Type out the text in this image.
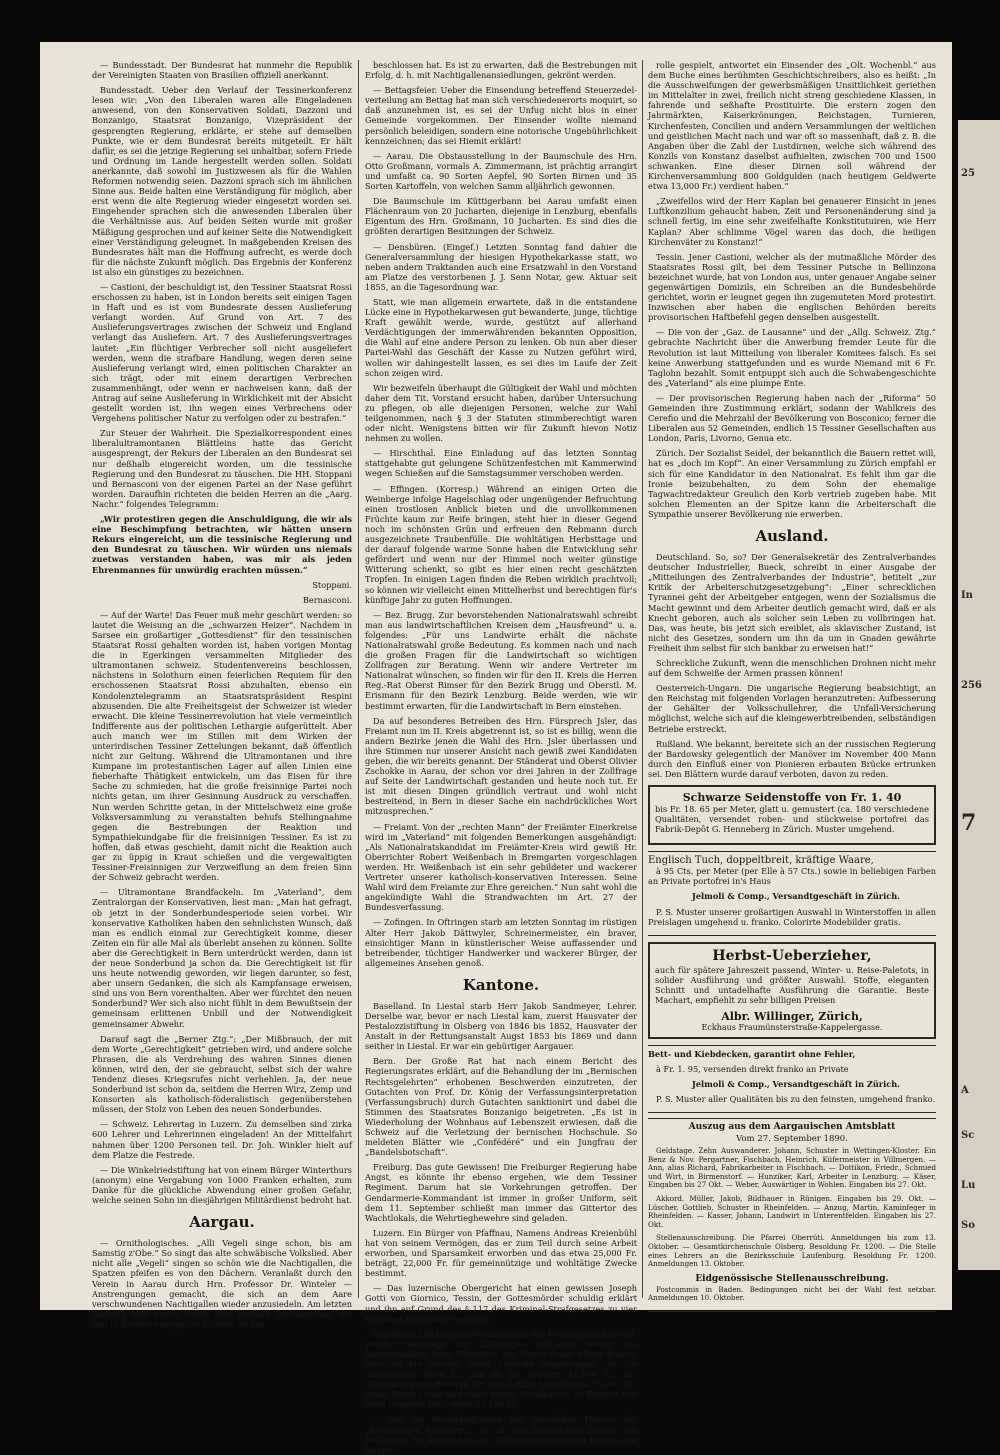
— Bundesstadt. Der Bundesrat hat nunmehr die Republik der Vereinigten Staaten von Brasilien offiziell anerkannt.

Bundesstadt. Ueber den Verlauf der Tessinerkonferenz lesen wir: „Von den Liberalen waren alle Eingeladenen anwesend, von den Konservativen Soldati, Dazzoni und Bonzanigo, Staatsrat Bonzanigo, Vizepräsident der gesprengten Regierung, erklärte, er stehe auf demselben Punkte, wie er dem Bundesrat bereits mitgeteilt. Er hält dafür, es sei die jetzige Regierung sei unhaltbar, sofern Friede und Ordnung im Lande hergestellt werden sollen. Soldati anerkannte, daß sowohl im Justizwesen als für die Wahlen Reformen notwendig seien. Dazzoni sprach sich im ähnlichen Sinne aus. Beide halten eine Verständigung für möglich, aber erst wenn die alte Regierung wieder eingesetzt worden sei. Eingehender sprachen sich die anwesenden Liberalen über die Verhältnisse aus. Auf beiden Seiten wurde mit großer Mäßigung gesprochen und auf keiner Seite die Notwendigkeit einer Verständigung geleugnet. In maßgebenden Kreisen des Bundesrates hält man die Hoffnung aufrecht, es werde doch für die nächste Zukunft möglich. Das Ergebnis der Konferenz ist also ein günstiges zu bezeichnen.

— Castioni, der beschuldigt ist, den Tessiner Staatsrat Rossi erschossen zu haben, ist in London bereits seit einigen Tagen in Haft und es ist vom Bundesrate dessen Auslieferung verlangt worden. Auf Grund von Art. 7 des Auslieferungsvertrages zwischen der Schweiz und England verlangt das Ausliefern. Art. 7 des Auslieferungsvertrages lautet: „Ein flüchtiger Verbrecher soll nicht ausgeliefert werden, wenn die strafbare Handlung, wegen deren seine Auslieferung verlangt wird, einen politischen Charakter an sich trägt, oder mit einem derartigen Verbrechen zusammenhängt, oder wenn er nachweisen kann, daß der Antrag auf seine Auslieferung in Wirklichkeit mit der Absicht gestellt worden ist, ihn wegen eines Verbrechens oder Vergehens politischer Natur zu verfolgen oder zu bestrafen.“

Zur Steuer der Wahrheit. Die Spezialkorrespondent eines liberalultramontanen Blättleins hatte das Gericht ausgesprengt, der Rekurs der Liberalen an den Bundesrat sei nur deßhalb eingereicht worden, um die tessinische Regierung und den Bundesrat zu täuschen. Die HH. Stoppani und Bernasconi von der eigenen Partei an der Nase geführt worden. Daraufhin richteten die beiden Herren an die „Aarg. Nachr.“ folgendes Telegramm:

„Wir protestiren gegen die Anschuldigung, die wir als eine Beschimpfung betrachten, wir hätten unsern Rekurs eingereicht, um die tessinische Regierung und den Bundesrat zu täuschen. Wir würden uns niemals zuetwas verstanden haben, was mir als jeden Ehrenmannes für unwürdig erachten müssen.“

Stoppani.

Bernasconi.

— Auf der Warte! Das Feuer muß mehr geschürt werden: so lautet die Weisung an die „schwarzen Heizer“. Nachdem in Sarsee ein großartiger „Gottesdienst“ für den tessinischen Staatsrat Rossi gehalten worden ist, haben vorigen Montag die in Egerkingen versammelten Mitglieder des ultramontanen schweiz. Studentenvereins beschlossen, nächstens in Solothurn einen feierlichen Requiem für den erschossenen Staatsrat Rossi abzuhalten, ebenso ein Kondolenztelegramm an Staatsratspräsident Respini abzusenden. Die alte Freiheitsgeist der Schweizer ist wieder erwacht. Die kleine Tessinerrevolution hat viele vermeintlich Indifferente aus der politischen Lethargie aufgerüttelt. Aber auch manch wer im Stillen mit dem Wirken der unterirdischen Tessiner Zettelungen bekannt, daß öffentlich nicht zur Geltung. Während die Ultramontanen und ihre Kumpane im protestantischen Lager auf allen Linien eine fieberhafte Thätigkeit entwickeln, um das Eisen für ihre Sache zu schmieden, hat die große freisinnige Partei noch nichts getan, um ihrer Gesinnung Ausdruck zu verschaffen. Nun werden Schritte getan, in der Mittelschweiz eine große Volksversammlung zu veranstalten behufs Stellungnahme gegen die Bestrebungen der Reaktion und Sympathiekundgabe für die freisinnigen Tessiner. Es ist zu hoffen, daß etwas geschieht, damit nicht die Reaktion auch gar zu üppig in Kraut schießen und die vergewaltigten Tessiner-Freisinnigen zur Verzweiflung an dem freien Sinn der Schweiz gebracht werden.

— Ultramontane Brandfackeln. Im „Vaterland“, dem Zentralorgan der Konservativen, liest man: „Man hat gefragt, ob jetzt in der Sonderbundesperiode seien vorbei. Wir konservative Katholiken haben den sehnlichsten Wunsch, daß man es endlich einmal zur Gerechtigkeit komme, dieser Zeiten ein für alle Mal als überlebt ansehen zu können. Sollte aber die Gerechtigkeit in Bern unterdrückt werden, dann ist der neue Sonderbund ja schon da. Die Gerechtigkeit ist für uns heute notwendig geworden, wir liegen darunter, so fest, aber unsern Gedanken, die sich als Kampfansage erweisen, sind uns von Bern vorenthalten. Aber wer fürchtet den neuen Sonderbund? Wer sich also nicht fühlt in dem Bewußtsein der gemeinsam erlittenen Unbill und der Notwendigkeit gemeinsamer Abwehr.

Darauf sagt die „Berner Ztg.“: „Der Mißbrauch, der mit dem Worte „Gerechtigkeit“ getrieben wird, und andere solche Phrasen, die als Verdrehung des wahren Sinnes dienen können, wird den, der sie gebraucht, selbst sich der wahre Tendenz dieses Kriegsrufes nicht verhehlen. Ja, der neue Sonderbund ist schon da, seitdem die Herren Wirz, Zemp und Konsorten als katholisch-föderalistisch gegenüberstehen müssen, der Stolz von Leben des neuen Sonderbundes.

— Schweiz. Lehrertag in Luzern. Zu demselben sind zirka 600 Lehrer und Lehrerinnen eingeladen! An der Mittelfahrt nahmen über 1200 Personen teil. Dr. Joh. Winkler hielt auf dem Platze die Festrede.

— Die Winkelriedstiftung hat von einem Bürger Winterthurs (anonym) eine Vergabung von 1000 Franken erhalten, zum Danke für die glückliche Abwendung einer großen Gefahr, welche seinen Sohn im diesjährigen Militärdienst bedroht hat.

Aargau.

— Ornithologisches. „Alli Vegeli singe schon, bis am Samstig z'Obe.“ So singt das alte schwäbische Volkslied. Aber nicht alle „Vegeli“ singen so schön wie die Nachtigallen, die Spatzen pfeifen es von den Dächern. Veranlaßt durch den Verein in Aarau durch Hrn. Professor Dr. Winteler — Anstrengungen gemacht, die sich an dem Aare verschwundenen Nachtigallen wieder anzusiedeln. Am letzten Sonntag hielt dieser Verein eine kleinere Versammlung, die nun in Sachen energische Schritte zu tun

beschlossen hat. Es ist zu erwarten, daß die Bestrebungen mit Erfolg, d. h. mit Nachtigallenansiedlungen, gekrönt werden.

— Bettagsfeier. Ueber die Einsendung betreffend Steuerzedel-verteilung am Bettag hat man sich verschiedenerorts moquirt, so daß anzunehmen ist, es sei der Unfug nicht blos in einer Gemeinde vorgekommen. Der Einsender wollte niemand persönlich beleidigen, sondern eine notorische Ungebührlichkeit kennzeichnen; das sei Hiemit erklärt!

— Aarau. Die Obstausstellung in der Baumschule des Hrn. Otto Großmann, vormals A. Zimmermann, ist prächtig arrangirt und umfaßt ca. 90 Sorten Aepfel, 90 Sorten Birnen und 35 Sorten Kartoffeln, von welchen Samm alljährlich gewonnen.

Die Baumschule im Küttigerbann bei Aarau umfaßt einen Flächenraum von 20 Jucharten, diejenige in Lenzburg, ebenfalls Eigentum des Hrn. Großmann, 10 Jucharten. Es sind dies die größten derartigen Besitzungen der Schweiz.

— Densbüren. (Eingef.) Letzten Sonntag fand dahier die Generalversammlung der hiesigen Hypothekarkasse statt, wo neben andern Traktanden auch eine Ersatzwahl in den Vorstand am Platze des verstorbenen J. J. Senn Notar, gew. Aktuar seit 1855, an die Tagesordnung war.

Statt, wie man allgemein erwartete, daß in die entstandene Lücke eine in Hypothekarwesen gut bewanderte, junge, tüchtige Kraft gewählt werde, wurde, gestützt auf allerhand Verdächtigungen der immerwährenden bekannten Opposition, die Wahl auf eine andere Person zu lenken. Ob nun aber dieser Partei-Wahl das Geschäft der Kasse zu Nutzen geführt wird, wollen wir dahingestellt lassen, es sei dies im Laufe der Zeit schon zeigen wird.

Wir bezweifeln überhaupt die Gültigkeit der Wahl und möchten daher dem Tit. Vorstand ersucht haben, darüber Untersuchung zu pflegen, ob alle diejenigen Personen, welche zur Wahl teilgenommen, nach § 3 der Statuten stimmberechtigt waren oder nicht. Wenigstens bitten wir für Zukunft hievon Notiz nehmen zu wollen.

— Hirschthal. Eine Einladung auf das letzten Sonntag stattgehabte gut gelungene Schützenfestchen mit Kammerwind wegen Schießen auf die Samstagsummer verschoben werden.

— Effingen. (Korresp.) Während an einigen Orten die Weinberge infolge Hagelschlag oder ungenügender Befruchtung einen trostlosen Anblick bieten und die unvollkommenen Früchte kaum zur Reife bringen, steht hier in dieser Gegend noch im schönsten Grün und erfreuen den Rebmann durch ausgezeichnete Traubenfülle. Die wohltätigen Herbsttage und der darauf folgende warme Sonne haben die Entwicklung sehr gefördert und wenn nur der Himmel noch weiter günstige Witterung schenkt, so gibt es hier einen recht geschätzten Tropfen. In einigen Lagen finden die Reben wirklich prachtvoll; so können wir vielleicht einen Mittelherbst und berechtigen für's künftige Jahr zu guten Hoffnungen.

— Bez. Brugg. Zur bevorstehenden Nationalratswahl schreibt man aus landwirtschaftlichen Kreisen dem „Hausfreund“ u. a. folgendes: „Für uns Landwirte erhält die nächste Nationalratswahl große Bedeutung. Es kommen nach und nach die großen Fragen für die Landwirtschaft so wichtigen Zollfragen zur Beratung. Wenn wir andere Vertreter im Nationalrat wünschen, so finden wir für den II. Kreis die Herren Reg.-Rat Oberst Rimser für den Bezirk Brugg und Oberstl. M. Erismann für den Bezirk Lenzburg. Beide werden, wie wir bestimmt erwarten, für die Landwirtschaft in Bern einstehen.

Da auf besonderes Betreiben des Hrn. Fürsprech Jsler, das Freiamt nun im II. Kreis abgetrennt ist, so ist es billig, wenn die andern Bezirke jenen die Wahl des Hrn. Jsler überlassen und ihre Stimmen nur unserer Ansicht nach gewiß zwei Kandidaten geben, die wir bereits genannt. Der Ständerat und Oberst Olivier Zschokke in Aarau, der schon vor drei Jahren in der Zollfrage auf Seite der Landwirtschaft gestanden und heute noch tut. Er ist mit diesen Dingen gründlich vertraut und wohl nicht bestreitend, in Bern in dieser Sache ein nachdrückliches Wort mitzusprechen.“

— Freiamt. Von der „rechten Mann“ der Freiämter Einerkreise wird im „Vaterland“ mit folgenden Bemerkungen ausgehändigt: „Als Nationalratskandidat im Freiämter-Kreis wird gewiß Hr. Oberrichter Robert Weißenbach in Bremgarten vorgeschlagen werden. Hr. Weißenbach ist ein sehr gebildeter und wackerer Vertreter unserer katholisch-konservativen Interessen. Seine Wahl wird dem Freiamte zur Ehre gereichen.“ Nun saht wohl die angekündigte Wahl die Strandwachten im Art. 27 der Bundesverfassung.

— Zofingen. In Oftringen starb am letzten Sonntag im rüstigen Alter Herr Jakob Dättwyler, Schreinermeister, ein braver, einsichtiger Mann in künstlerischer Weise auffassender und betreibender, tüchtiger Handwerker und wackerer Bürger, der allgemeines Ansehen genoß.

Kantone.

Baselland. In Liestal starb Herr Jakob Sandmeyer, Lehrer. Derselbe war, bevor er nach Liestal kam, zuerst Hausvater der Pestalozzistiftung in Olsberg von 1846 bis 1852, Hausvater der Anstalt in der Rettungsanstalt Augst 1853 bis 1869 und dann seither in Liestal. Er war ein gebürtiger Aargauer.

Bern. Der Große Rat hat nach einem Bericht des Regierungsrates erklärt, auf die Behandlung der im „Bernischen Rechtsgelehrten“ erhobenen Beschwerden einzutreten, der Gutachten von Prof. Dr. König der Verfassungsinterpretation (Verfassungsbruch) durch Gutachten sanktionirt und dabei die Stimmen des Staatsrates Bonzanigo beigetreten. „Es ist in Wiederholung der Wohnhaus auf Lebenszeit erwiesen, daß die Schweiz auf die Verletzung der bernischen Hochschule. So meldeten Blätter wie „Confédéré“ und ein Jungfrau der „Bandelsbotschaft“.

Freiburg. Das gute Gewissen! Die Freiburger Regierung habe Angst, es könnte ihr ebenso ergehen, wie dem Tessiner Regiment. Darum hat sie Vorkehrungen getroffen. Der Gendarmerie-Kommandant ist immer in großer Uniform, seit dem 11. September schließt man immer das Gittertor des Wachtlokals, die Wehrtieghewehre sind geladen.

Luzern. Ein Bürger von Pfaffnau, Namens Andreas Kreienbühl hat von seinem Vermögen, das er zum Teil durch seine Arbeit erworben, und Sparsamkeit erworben und das etwa 25,000 Fr. beträgt, 22,000 Fr. für gemeinnützige und wohltätige Zwecke bestimmt.

— Das luzernische Obergericht hat einen gewissen Joseph Gotti von Giornico, Tessin, der Gottesmörder schuldig erklärt und ihn auf Grund des § 117 des Kriminal-Strafgesetzes zu vier Monaten Zuchthaus verurteilt.

Solothurn. Die General-Versammlung der Papierfabrik Biberist, welche Samstags ihr 25jähriges Jubiläum, sowie das Dienstjubiläum ihres Direktors, des Herrn Oskar Miller feierte, beschloß bei diesem Anlaß folgende Vergabungen: An die Angestellten 8000 Fr. und an die Arbeiter 31,100 Fr., zur Gründung einer Reserve für Unfall-Entschädigungen 10,000 Fr., einen Beitrag zum Bau einer neuen Schulhauses in Biberist von 5000 Franken, total somit 54,100 Fr.

— Auf die Verdächtigungen der geistlichen Herren des „Solothurner Anzeigers“, als ob die liederlichen Dirnen von Bellinzona bis Mailand an der Volksversammlung in Lugano die Haupt-

rolle gespielt, antwortet ein Einsender des „Olt. Wochenbl.“ aus dem Buche eines berühmten Geschichtschreibers, also es heißt: „In die Ausschweifungen der gewerbsmäßigen Unsittlichkeit geriethen im Mittelalter in zwei, freilich nicht streng geschiedene Klassen, in fahrende und seßhafte Prostituirte. Die erstern zogen den Jahrmärkten, Kaiserkrönungen, Reichstagen, Turnieren, Kirchenfesten, Concilien und andern Versammlungen der weltlichen und geistlichen Macht nach und war oft so massenhaft, daß z. B. die Angaben über die Zahl der Lustdirnen, welche sich während des Konzils von Konstanz daselbst aufhielten, zwischen 700 und 1500 schwanken. Eine dieser Dirnen soll während der Kirchenversammlung 800 Goldgulden (nach heutigem Geldwerte etwa 13,000 Fr.) verdient haben.“

„Zweifellos wird der Herr Kaplan bei genauerer Einsicht in jenes Luftkonzilium gehaucht haben, Zeit und Personenänderung sind ja schnell fertig, im eine sehr zweifelhafte Konkstitutuiren, wie Herr Kaplan? Aber schlimme Vögel waren das doch, die heiligen Kirchenväter zu Konstanz!“

Tessin. Jener Castioni, welcher als der mutmaßliche Mörder des Staatsrates Rossi gilt, bei dem Tessiner Putsche in Bellinzona bezeichnet wurde, hat von London aus, unter genauer Angabe seiner gegenwärtigen Domizils, ein Schreiben an die Bundesbehörde gerichtet, worin er leugnet gegen ihn zugemuteten Mord protestirt. Inzwischen aber haben die englischen Behörden bereits provisorischen Haftbefehl gegen denselben ausgestellt.

— Die von der „Gaz. de Lausanne“ und der „Allg. Schweiz. Ztg.“ gebrachte Nachricht über die Anwerbung fremder Leute für die Revolution ist laut Mitteilung von liberaler Komitees falsch. Es sei keine Anwerbung stattgefunden und es wurde Niemand mit 6 Fr. Taglohn bezahlt. Somit entpuppt sich auch die Schwabengeschichte des „Vaterland“ als eine plumpe Ente.

— Der provisorischen Regierung haben nach der „Riforma“ 50 Gemeinden ihre Zustimmung erklärt, sodann der Wahlkreis des Cerefio und die Mehrzahl der Bevölkerung von Bosconico; ferner die Liberalen aus 52 Gemeinden, endlich 15 Tessiner Gesellschaften aus London, Paris, Livorno, Genua etc.

Zürich. Der Sozialist Seidel, der bekanntlich die Bauern rettet will, hat es „doch im Kopf“. An einer Versammlung zu Zürich empfahl er sich für eine Kandidatur in den Nationalrat. Es fehlt ihm gar die Ironie beizubehalten, zu dem Sohn der ehemalige Tagwachtredakteur Greulich den Korb vertrieb zugeben habe. Mit solchen Elementen an der Spitze kann die Arbeiterschaft die Sympathie unserer Bevölkerung nie erwerben.

Ausland.

Deutschland. So, so? Der Generalsekretär des Zentralverbandes deutscher Industrieller, Bueck, schreibt in einer Ausgabe der „Mitteilungen des Zentralverbandes der Industrie“, betitelt „zur Kritik der Arbeiterschutzgesetzgebung“: „Einer schrecklichen Tyrannei geht der Arbeitgeber entgegen, wenn der Sozialismus die Macht gewinnt und dem Arbeiter deutlich gemacht wird, daß er als Knecht geboren, auch als solcher sein Leben zu vollbringen hat. Das, was heute, bis jetzt sich ereiblet, als sklavischer Zustand, ist nicht des Gesetzes, sondern um ihn da um in Gnaden gewährte Freiheit ihm selbst für sich bankbar zu erweisen hat!“

Schreckliche Zukunft, wenn die menschlichen Drohnen nicht mehr auf dem Schweiße der Armen prassen können!

Oesterreich-Ungarn. Die ungarische Regierung beabsichtigt, an den Reichstag mit folgenden Vorlagen heranzutreten: Aufbesserung der Gehälter der Volksschullehrer, die Unfall-Versicherung möglichst, welche sich auf die kleingewerbtreibenden, selbständigen Betriebe erstreckt.

Rußland. Wie bekannt, bereitete sich an der russischen Regierung der Bardowsky gelegentlich der Manöver im November 400 Mann durch den Einfluß einer von Pionieren erbauten Brücke ertrunken sei. Den Blättern wurde darauf verboten, davon zu reden.

Schwarze Seidenstoffe von Fr. 1. 40

bis Fr. 18. 65 per Meter, glatt u. gemustert (ca. 180 verschiedene Qualitäten, versendet roben- und stückweise portofrei das Fabrik-Depôt G. Henneberg in Zürich. Muster umgehend.

Englisch Tuch, doppeltbreit, kräftige Waare,

à 95 Cts. per Meter (per Elle à 57 Cts.) sowie in beliebigen Farben an Private portofrei in's Haus

Jelmoli & Comp., Versandtgeschäft in Zürich.

P. S. Muster unserer großartigen Auswahl in Winterstoffen in allen Preislagen umgehend u. franko. Colorirte Modebilder gratis.

Herbst-Ueberzieher,

auch für spätere Jahreszeit passend, Winter- u. Reise-Paletots, in solider Ausführung und größter Auswahl. Stoffe, eleganten Schnitt und untadelhafte Ausführung die Garantie. Beste Machart, empfiehlt zu sehr billigen Preisen

Albr. Willinger, Zürich,
Eckhaus Fraumünsterstraße-Kappelergasse.

Bett- und Kiebdecken, garantirt ohne Fehler,

à Fr. 1. 95, versenden direkt franko an Private

Jelmoli & Comp., Versandtgeschäft in Zürich.

P. S. Muster aller Qualitäten bis zu den feinsten, umgehend franko.

Auszug aus dem Aargauischen Amtsblatt
Vom 27. September 1890.

Geldstage. Zehn Auswanderer. Johann, Schuster in Wettingen-Kloster. Ein Benz & Nov. Pergartner, Fischbach, Heinrich, Küfermeister in Villmergen. — Ann, alias Richard, Fabrikarbeiter in Fischbach. — Dottikon, Friedr., Schmied und Wirt, in Birmenstorf. — Hunziker, Karl, Arbeiter in Lenzburg. — Käser, Eingaben bis 27 Okt. — Weber, Auswärtiger in Wohlen. Eingaben bis 27. Okt.

Akkord. Müller, Jakob, Bildhauer in Rünigen. Eingaben bis 29. Okt. — Lüscher, Gottlieb, Schuster in Rheinfelden. — Anzug, Martin, Kaminfeger in Rheinfelden. — Kasser, Johann, Landwirt in Unterentfelden. Eingaben bis 27. Okt.

Stellenausschreibung. Die Pfarrei Oberrüti. Anmeldungen bis zum 13. Oktober. — Gesamtkirchenschule Olsberg. Besoldung Fr. 1200. — Die Stelle eines Lehrers an die Bezirksschule Laufenburg. Besoldung Fr. 1200. Anmeldungen 13. Oktober.

Eidgenössische Stellenausschreibung.

Postcommis in Baden. Bedingungen nicht bei der Wahl fest setzbar. Anmeldungen 10. Oktober.

25
In
256
7
A
Sc
Lu
So
